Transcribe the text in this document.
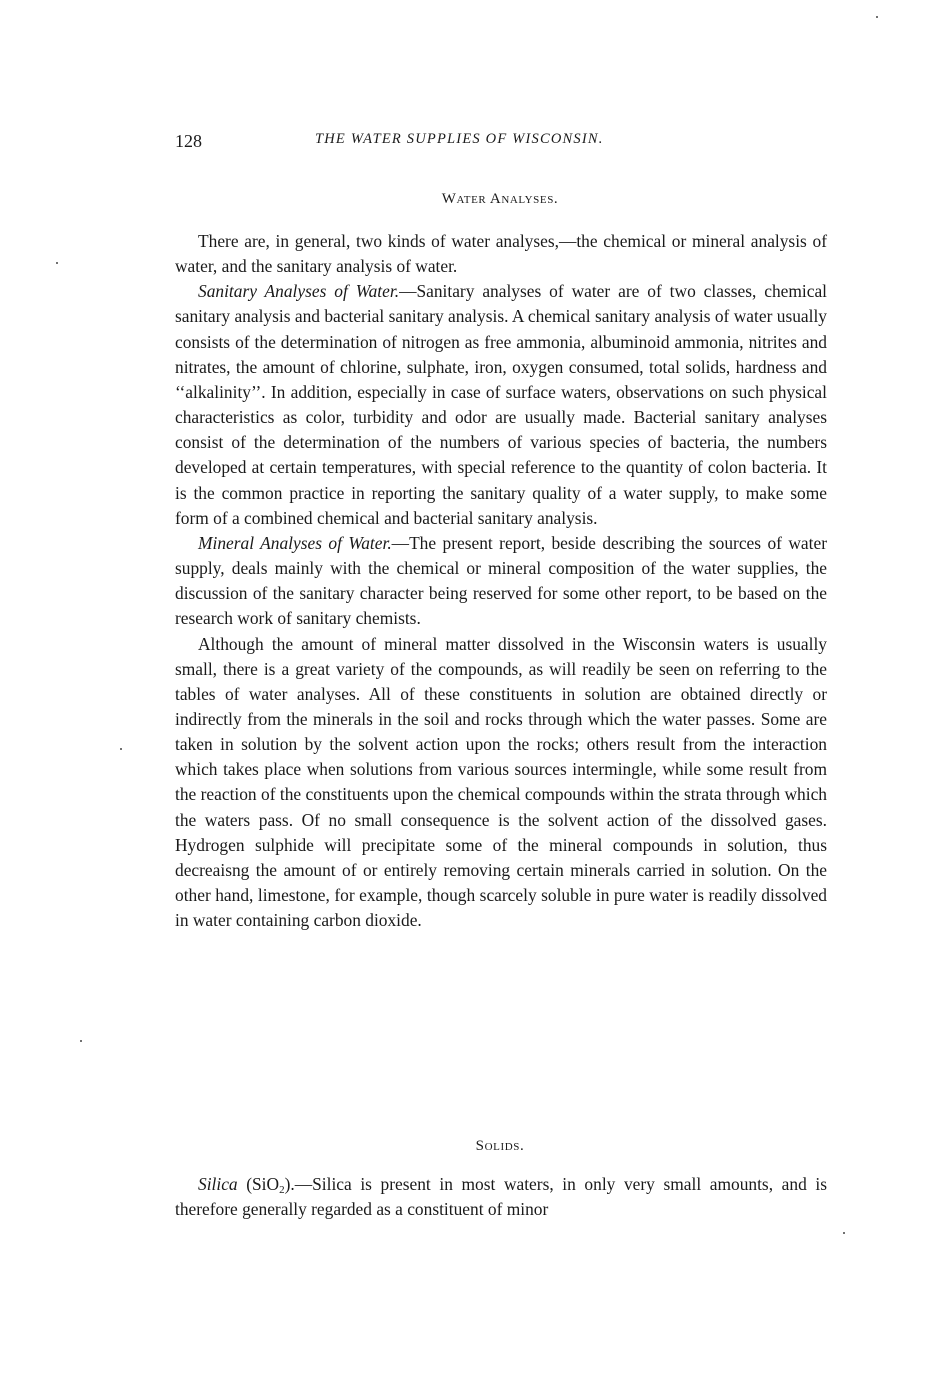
128	THE WATER SUPPLIES OF WISCONSIN.
Water Analyses.

There are, in general, two kinds of water analyses,—the chemical or mineral analysis of water, and the sanitary analysis of water.

Sanitary Analyses of Water.—Sanitary analyses of water are of two classes, chemical sanitary analysis and bacterial sanitary analysis. A chemical sanitary analysis of water usually consists of the determination of nitrogen as free ammonia, albuminoid ammonia, nitrites and nitrates, the amount of chlorine, sulphate, iron, oxygen consumed, total solids, hardness and ‘‘alkalinity’’. In addition, especially in case of surface waters, observations on such physical characteristics as color, turbidity and odor are usually made. Bacterial sanitary analyses consist of the determination of the numbers of various species of bacteria, the numbers developed at certain temperatures, with special reference to the quantity of colon bacteria. It is the common practice in reporting the sanitary quality of a water supply, to make some form of a combined chemical and bacterial sanitary analysis.

Mineral Analyses of Water.—The present report, beside describing the sources of water supply, deals mainly with the chemical or mineral composition of the water supplies, the discussion of the sanitary character being reserved for some other report, to be based on the research work of sanitary chemists.

Although the amount of mineral matter dissolved in the Wisconsin waters is usually small, there is a great variety of the compounds, as will readily be seen on referring to the tables of water analyses. All of these constituents in solution are obtained directly or indirectly from the minerals in the soil and rocks through which the water passes. Some are taken in solution by the solvent action upon the rocks; others result from the interaction which takes place when solutions from various sources intermingle, while some result from the reaction of the constituents upon the chemical compounds within the strata through which the waters pass. Of no small consequence is the solvent action of the dissolved gases. Hydrogen sulphide will precipitate some of the mineral compounds in solution, thus decreaisng the amount of or entirely removing certain minerals carried in solution. On the other hand, limestone, for example, though scarcely soluble in pure water is readily dissolved in water containing carbon dioxide.

Solids.

Silica (SiO$_2$).—Silica is present in most waters, in only very small amounts, and is therefore generally regarded as a constituent of minor
